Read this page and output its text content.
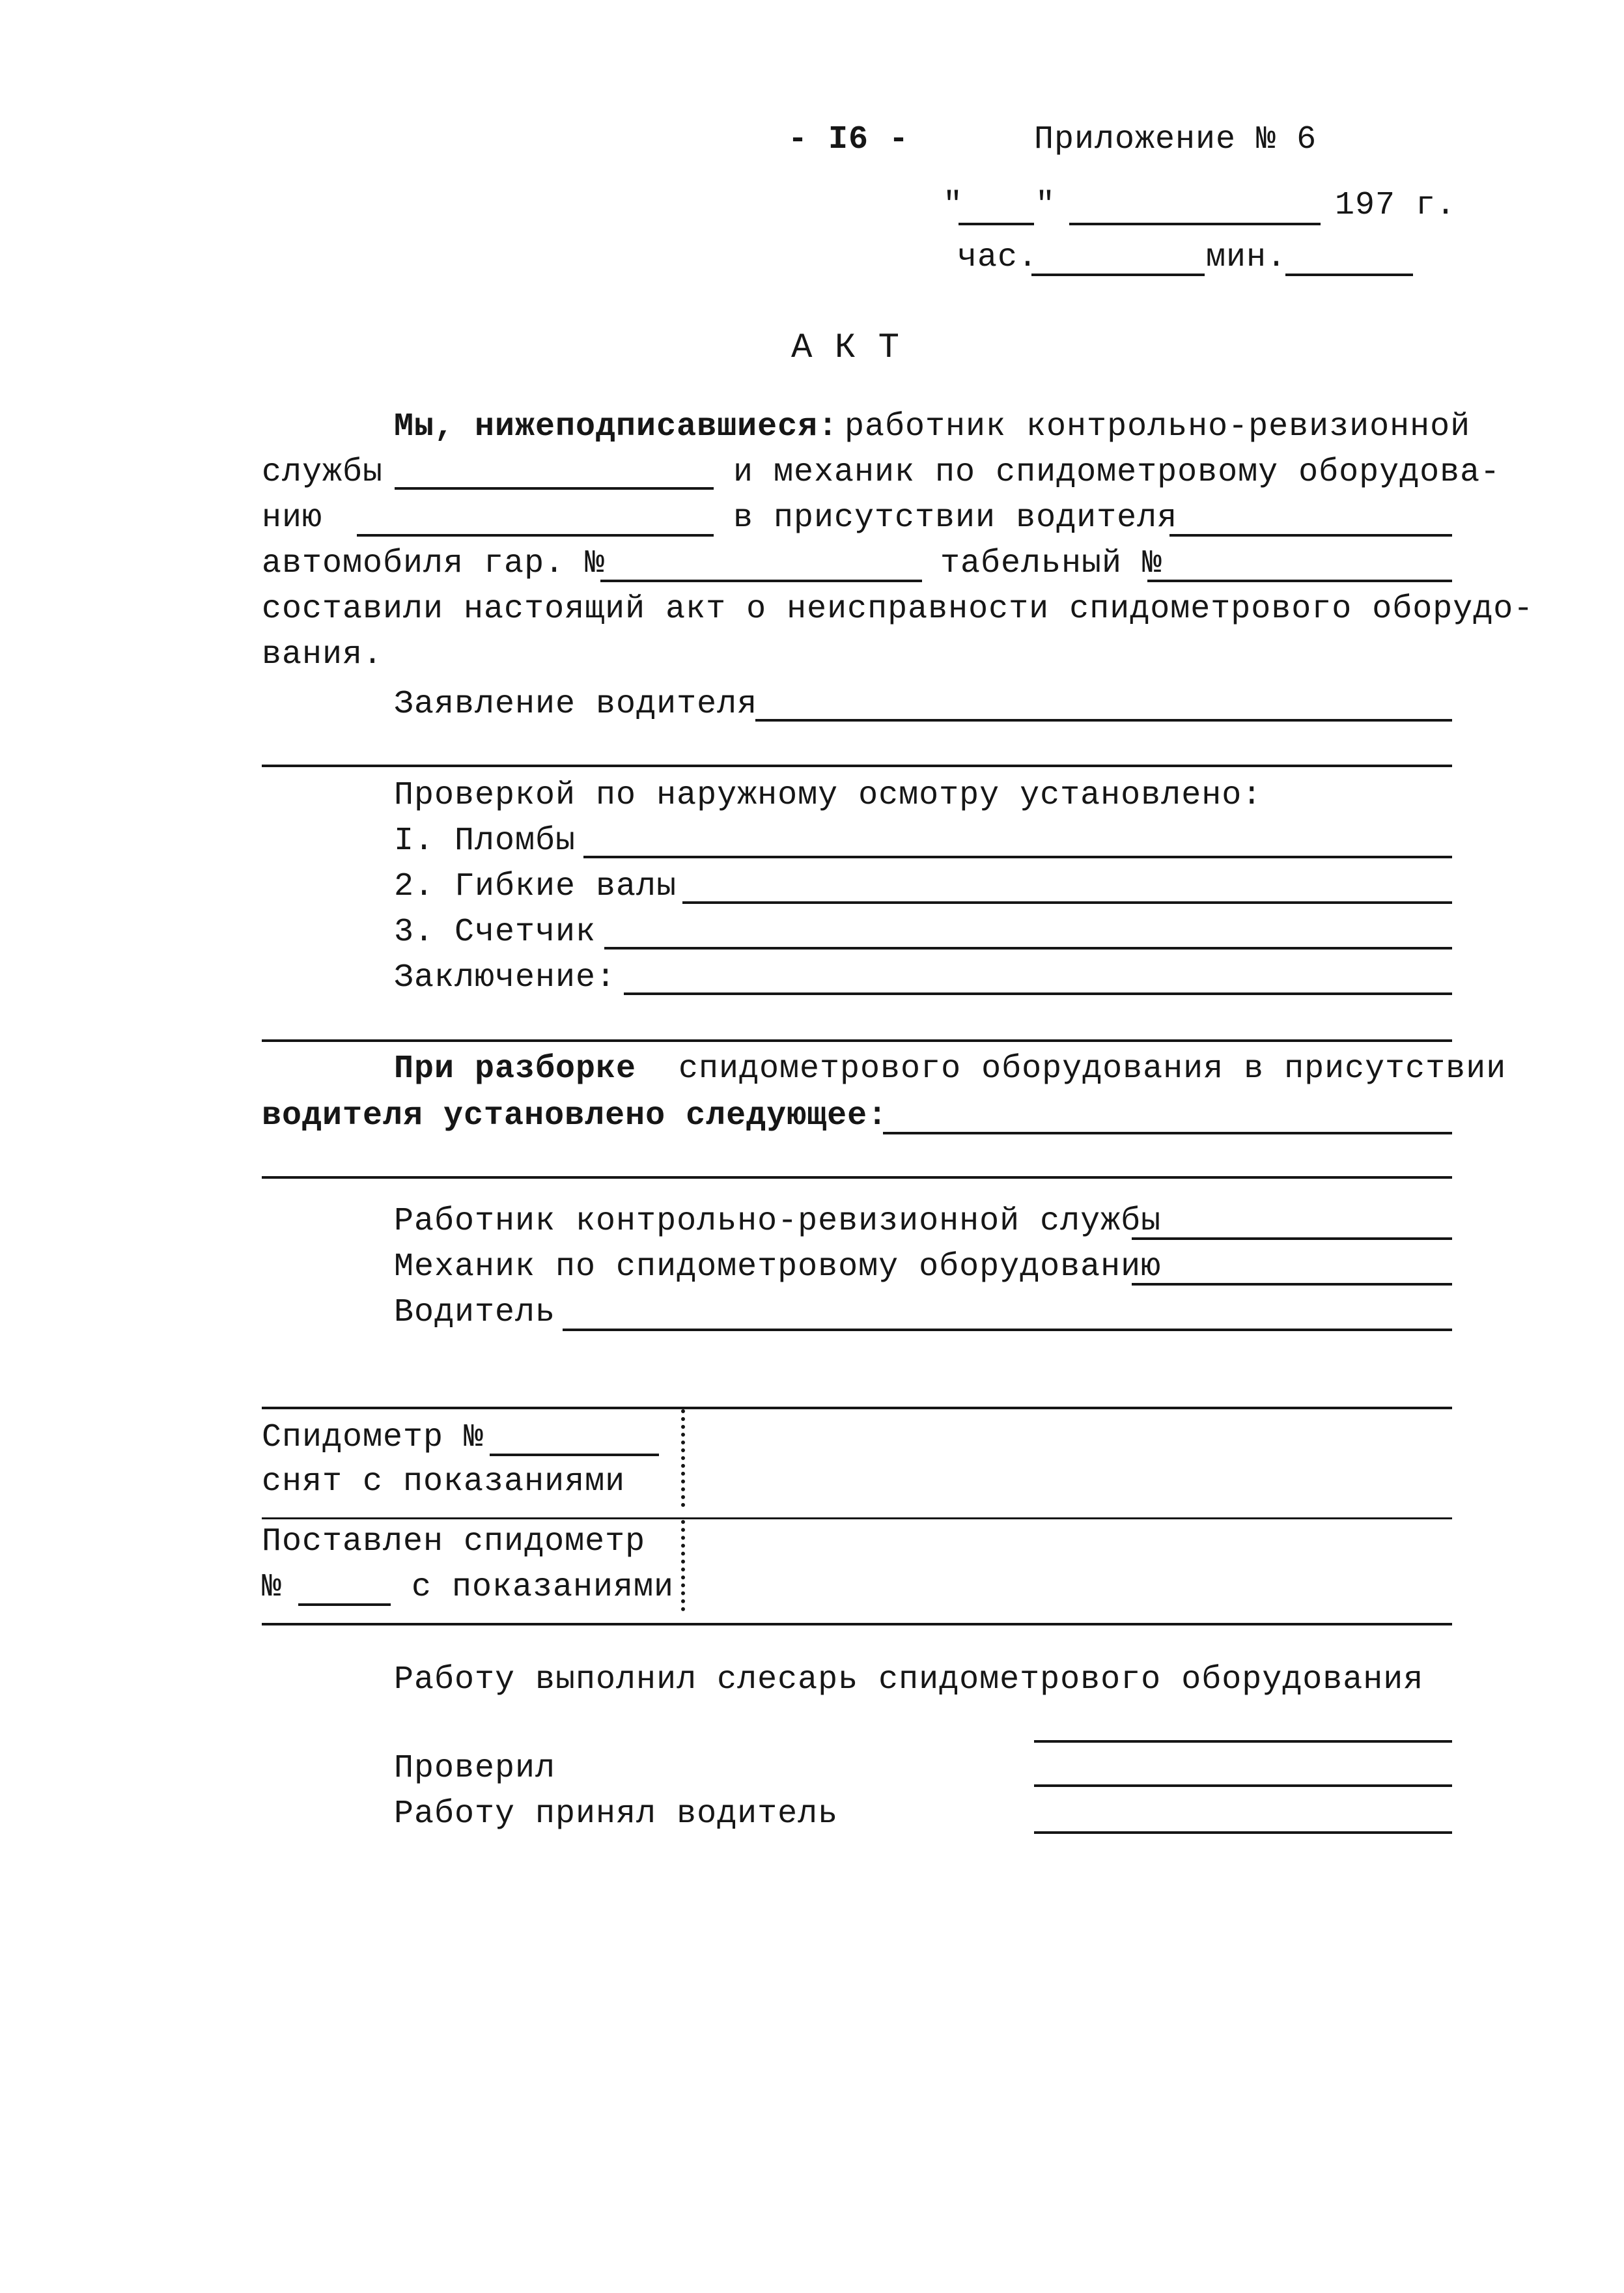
- I6 -	Приложение № 6
" "	197 г.
час.	мин.
А К Т
Мы, нижеподписавшиеся: работник контрольно-ревизионной
службы	и механик по спидометровому оборудова-
нию	в присутствии водителя
автомобиля гар. №	табельный №
составили настоящий акт о неисправности спидометрового оборудо-
вания.
Заявление водителя
Проверкой по наружному осмотру установлено:
I. Пломбы
2. Гибкие валы
3. Счетчик
Заключение:
При разборке спидометрового оборудования в присутствии
водителя установлено следующее:
Работник контрольно-ревизионной службы
Механик по спидометровому оборудованию
Водитель
Спидометр №
снят с показаниями
Поставлен спидометр
№	с показаниями
Работу выполнил слесарь спидометрового оборудования
Проверил
Работу принял водитель
